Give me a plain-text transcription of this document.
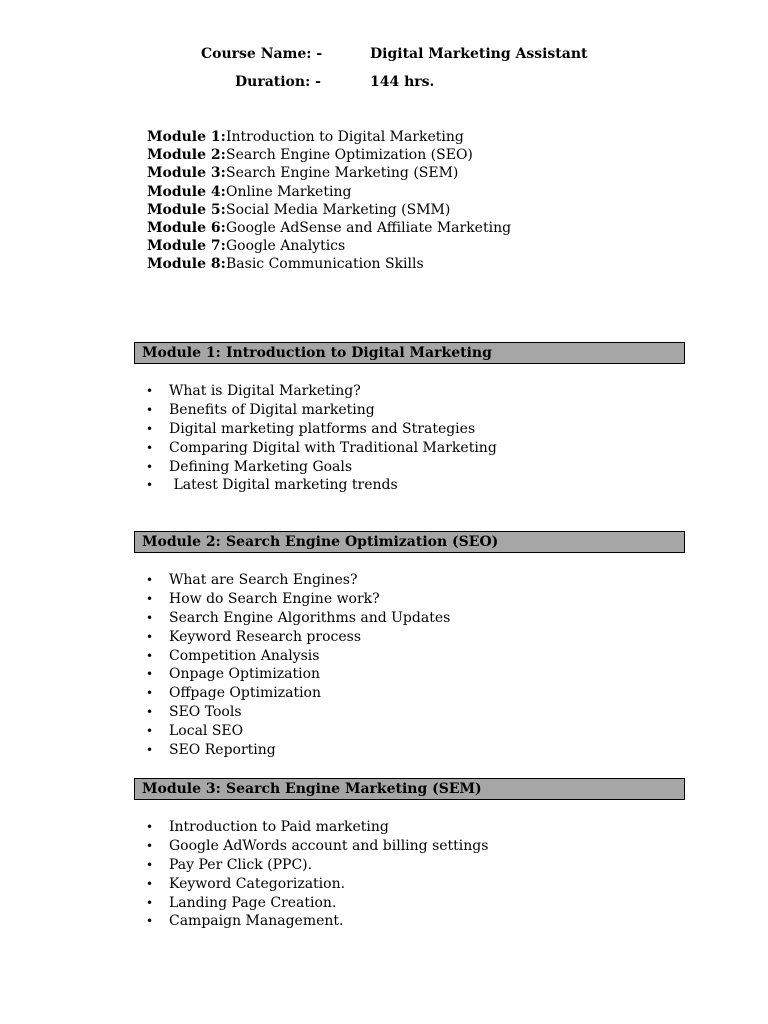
Course Name: -	Digital Marketing Assistant
Duration: -	144 hrs.
Module 1:Introduction to Digital Marketing
Module 2:Search Engine Optimization (SEO)
Module 3:Search Engine Marketing (SEM)
Module 4:Online Marketing
Module 5:Social Media Marketing (SMM)
Module 6:Google AdSense and Affiliate Marketing
Module 7:Google Analytics
Module 8:Basic Communication Skills
Module 1: Introduction to Digital Marketing
• What is Digital Marketing?
• Benefits of Digital marketing
• Digital marketing platforms and Strategies
• Comparing Digital with Traditional Marketing
• Defining Marketing Goals
• Latest Digital marketing trends
Module 2: Search Engine Optimization (SEO)
• What are Search Engines?
• How do Search Engine work?
• Search Engine Algorithms and Updates
• Keyword Research process
• Competition Analysis
• Onpage Optimization
• Offpage Optimization
• SEO Tools
• Local SEO
• SEO Reporting
Module 3: Search Engine Marketing (SEM)
• Introduction to Paid marketing
• Google AdWords account and billing settings
• Pay Per Click (PPC).
• Keyword Categorization.
• Landing Page Creation.
• Campaign Management.
